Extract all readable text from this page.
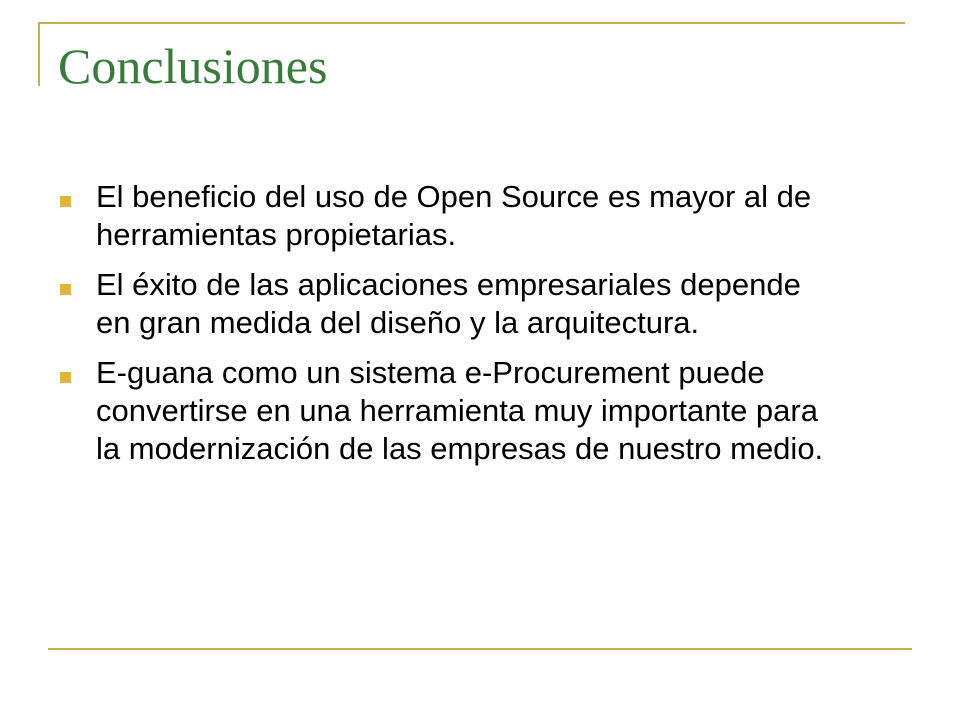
Conclusiones
El beneficio del uso de Open Source es mayor al de herramientas propietarias.
El éxito de las aplicaciones empresariales depende en gran medida del diseño y la arquitectura.
E-guana como un sistema e-Procurement puede convertirse en una herramienta muy importante para la modernización de las empresas de nuestro medio.
